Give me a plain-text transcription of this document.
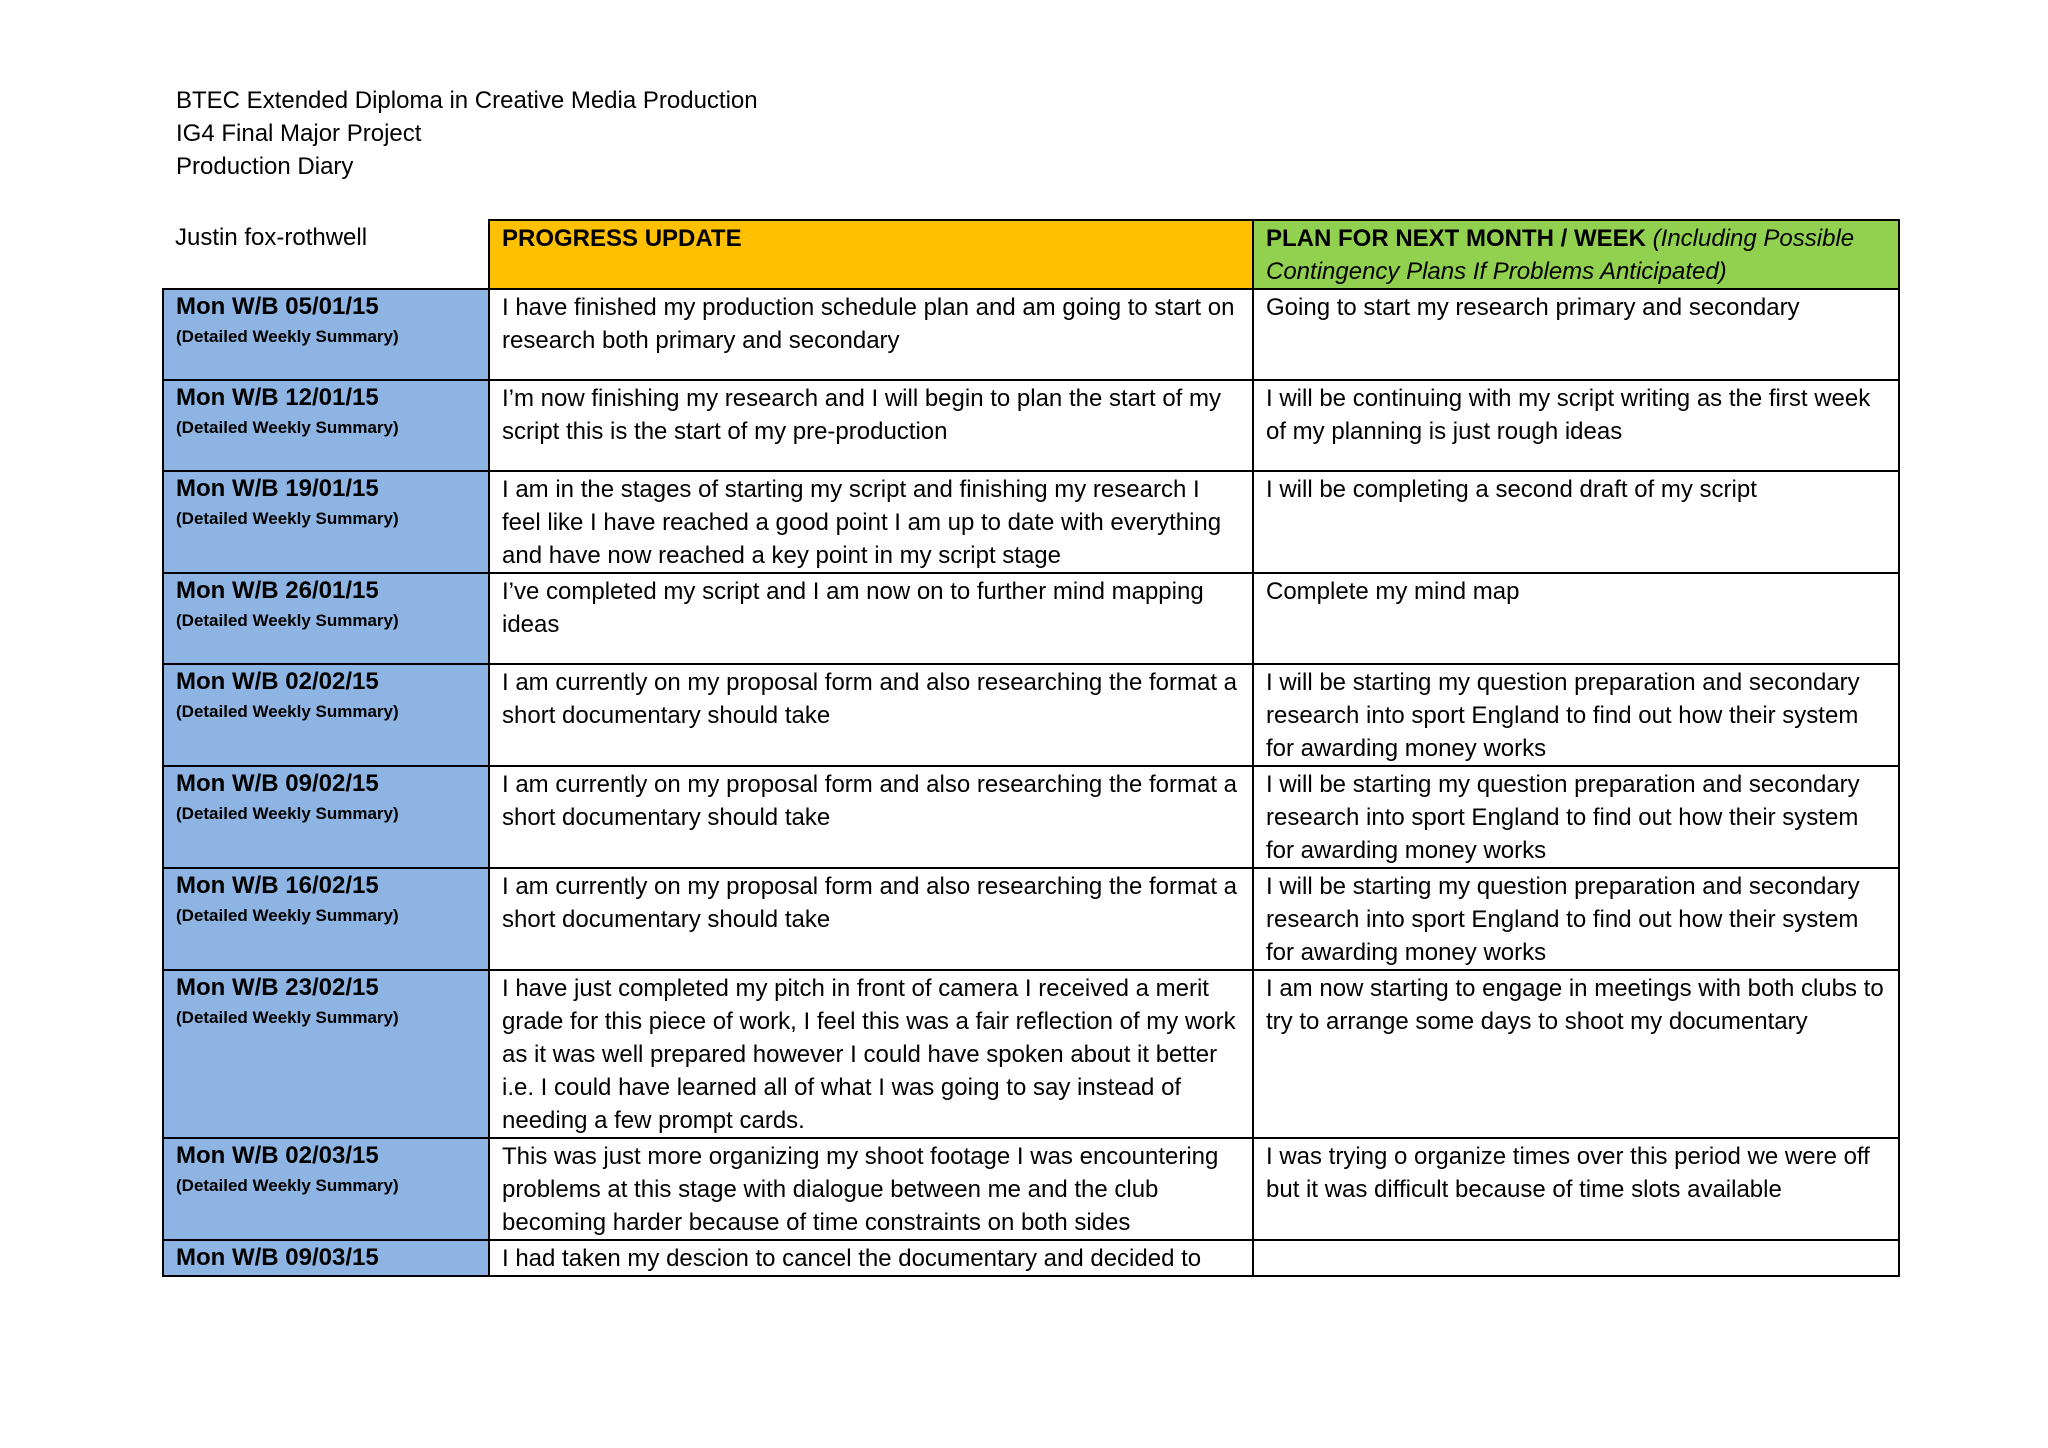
BTEC Extended Diploma in Creative Media Production
IG4 Final Major Project
Production Diary
Justin fox-rothwell	PROGRESS UPDATE	PLAN FOR NEXT MONTH / WEEK (Including Possible Contingency Plans If Problems Anticipated)

Mon W/B 05/01/15
(Detailed Weekly Summary)	I have finished my production schedule plan and am going to start on research both primary and secondary	Going to start my research primary and secondary

Mon W/B 12/01/15
(Detailed Weekly Summary)	I’m now finishing my research and I will begin to plan the start of my script this is the start of my pre-production	I will be continuing with my script writing as the first week of my planning is just rough ideas

Mon W/B 19/01/15
(Detailed Weekly Summary)	I am in the stages of starting my script and finishing my research I feel like I have reached a good point I am up to date with everything and have now reached a key point in my script stage	I will be completing a second draft of my script

Mon W/B 26/01/15
(Detailed Weekly Summary)	I’ve completed my script and I am now on to further mind mapping ideas	Complete my mind map

Mon W/B 02/02/15
(Detailed Weekly Summary)	I am currently on my proposal form and also researching the format a short documentary should take	I will be starting my question preparation and secondary research into sport England to find out how their system for awarding money works

Mon W/B 09/02/15
(Detailed Weekly Summary)	I am currently on my proposal form and also researching the format a short documentary should take	I will be starting my question preparation and secondary research into sport England to find out how their system for awarding money works

Mon W/B 16/02/15
(Detailed Weekly Summary)	I am currently on my proposal form and also researching the format a short documentary should take	I will be starting my question preparation and secondary research into sport England to find out how their system for awarding money works

Mon W/B 23/02/15
(Detailed Weekly Summary)	I have just completed my pitch in front of camera I received a merit grade for this piece of work, I feel this was a fair reflection of my work as it was well prepared however I could have spoken about it better i.e. I could have learned all of what I was going to say instead of needing a few prompt cards.	I am now starting to engage in meetings with both clubs to try to arrange some days to shoot my documentary

Mon W/B 02/03/15
(Detailed Weekly Summary)	This was just more organizing my shoot footage I was encountering problems at this stage with dialogue between me and the club becoming harder because of time constraints on both sides	I was trying o organize times over this period we were off but it was difficult because of time slots available

Mon W/B 09/03/15	I had taken my descion to cancel the documentary and decided to	
